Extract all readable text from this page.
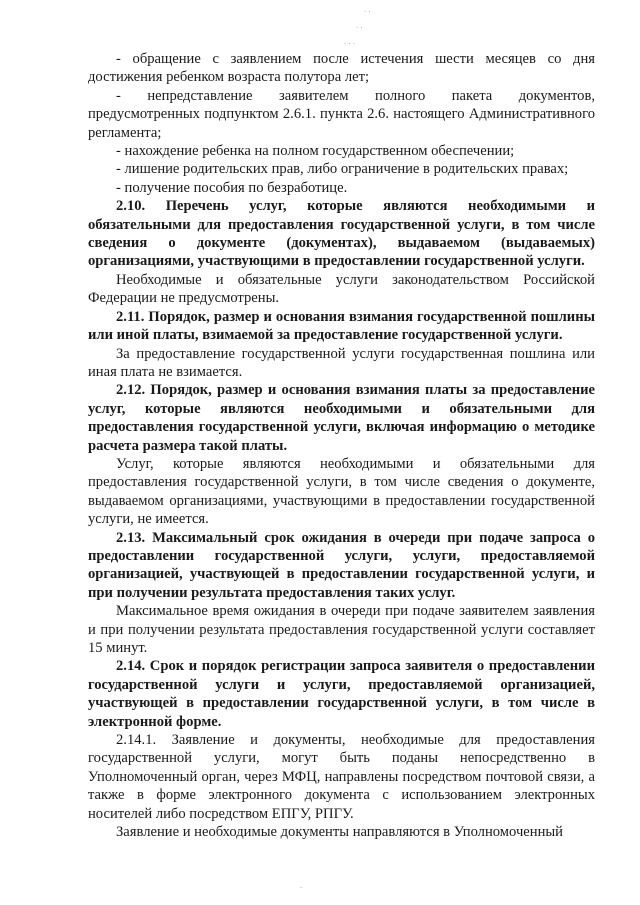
· ·
· ·
· · ·
·

- обращение с заявлением после истечения шести месяцев со дня достижения ребенком возраста полутора лет;

- непредставление заявителем полного пакета документов, предусмотренных подпунктом 2.6.1. пункта 2.6. настоящего Административного регламента;

- нахождение ребенка на полном государственном обеспечении;

- лишение родительских прав, либо ограничение в родительских правах;

- получение пособия по безработице.

2.10. Перечень услуг, которые являются необходимыми и обязательными для предоставления государственной услуги, в том числе сведения о документе (документах), выдаваемом (выдаваемых) организациями, участвующими в предоставлении государственной услуги.

Необходимые и обязательные услуги законодательством Российской Федерации не предусмотрены.

2.11. Порядок, размер и основания взимания государственной пошлины или иной платы, взимаемой за предоставление государственной услуги.

За предоставление государственной услуги государственная пошлина или иная плата не взимается.

2.12. Порядок, размер и основания взимания платы за предоставление услуг, которые являются необходимыми и обязательными для предоставления государственной услуги, включая информацию о методике расчета размера такой платы.

Услуг, которые являются необходимыми и обязательными для предоставления государственной услуги, в том числе сведения о документе, выдаваемом организациями, участвующими в предоставлении государственной услуги, не имеется.

2.13. Максимальный срок ожидания в очереди при подаче запроса о предоставлении государственной услуги, услуги, предоставляемой организацией, участвующей в предоставлении государственной услуги, и при получении результата предоставления таких услуг.

Максимальное время ожидания в очереди при подаче заявителем заявления и при получении результата предоставления государственной услуги составляет 15 минут.

2.14. Срок и порядок регистрации запроса заявителя о предоставлении государственной услуги и услуги, предоставляемой организацией, участвующей в предоставлении государственной услуги, в том числе в электронной форме.

2.14.1. Заявление и документы, необходимые для предоставления государственной услуги, могут быть поданы непосредственно в Уполномоченный орган, через МФЦ, направлены посредством почтовой связи, а также в форме электронного документа с использованием электронных носителей либо посредством ЕПГУ, РПГУ.

Заявление и необходимые документы направляются в Уполномоченный
